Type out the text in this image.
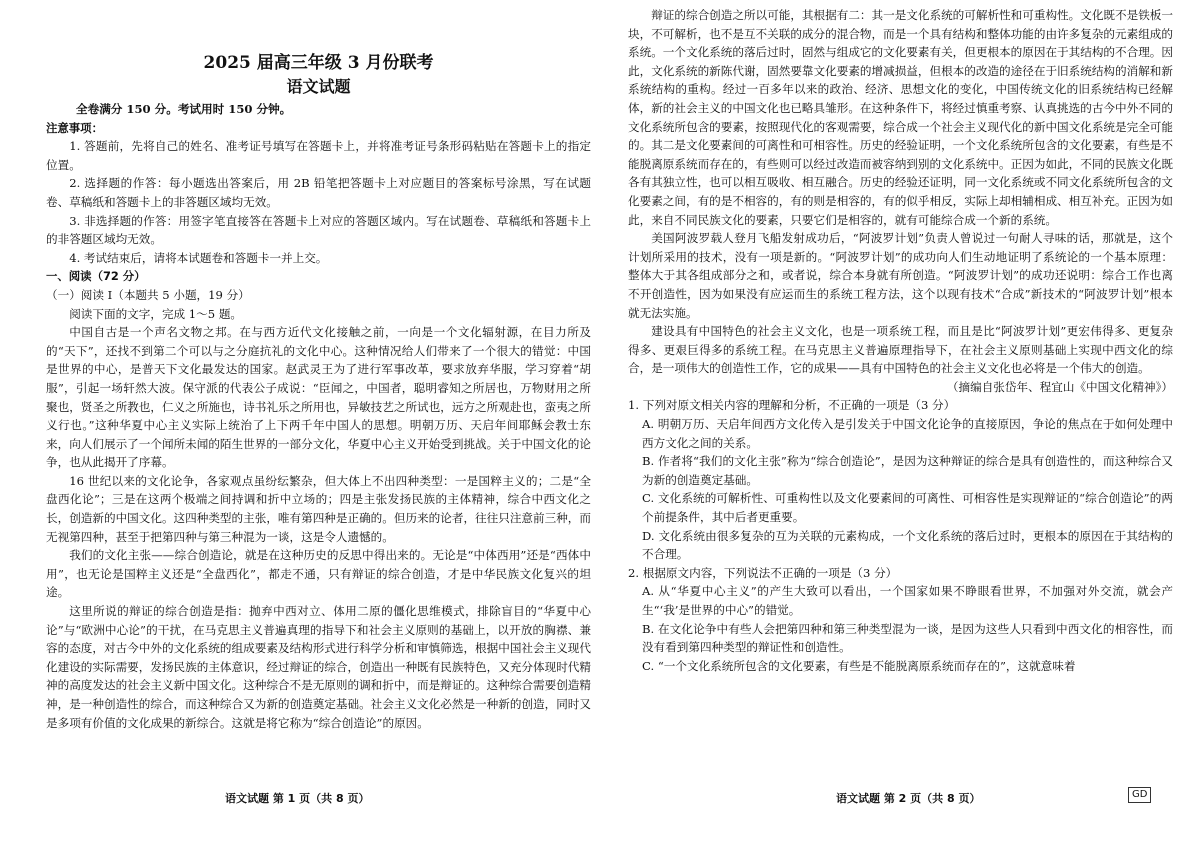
2025 届高三年级 3 月份联考
语文试题
全卷满分 150 分。考试用时 150 分钟。
注意事项：

1. 答题前，先将自己的姓名、准考证号填写在答题卡上，并将准考证号条形码粘贴在答题卡上的指定位置。

2. 选择题的作答：每小题选出答案后，用 2B 铅笔把答题卡上对应题目的答案标号涂黑，写在试题卷、草稿纸和答题卡上的非答题区域均无效。

3. 非选择题的作答：用签字笔直接答在答题卡上对应的答题区域内。写在试题卷、草稿纸和答题卡上的非答题区域均无效。

4. 考试结束后，请将本试题卷和答题卡一并上交。

一、阅读（72 分）
（一）阅读 Ⅰ（本题共 5 小题，19 分）

阅读下面的文字，完成 1～5 题。

中国自古是一个声名文物之邦。在与西方近代文化接触之前，一向是一个文化辐射源，在目力所及的“天下”，还找不到第二个可以与之分庭抗礼的文化中心。这种情况给人们带来了一个很大的错觉：中国是世界的中心，是普天下文化最发达的国家。赵武灵王为了进行军事改革，要求放弃华服，学习穿着“胡服”，引起一场轩然大波。保守派的代表公子成说：“臣闻之，中国者，聪明睿知之所居也，万物财用之所聚也，贤圣之所教也，仁义之所施也，诗书礼乐之所用也，异敏技艺之所试也，远方之所观赴也，蛮夷之所义行也。”这种华夏中心主义实际上统治了上下两千年中国人的思想。明朝万历、天启年间耶稣会教士东来，向人们展示了一个闻所未闻的陌生世界的一部分文化，华夏中心主义开始受到挑战。关于中国文化的论争，也从此揭开了序幕。

16 世纪以来的文化论争，各家观点虽纷纭繁杂，但大体上不出四种类型：一是国粹主义的；二是“全盘西化论”；三是在这两个极端之间持调和折中立场的；四是主张发扬民族的主体精神，综合中西文化之长，创造新的中国文化。这四种类型的主张，唯有第四种是正确的。但历来的论者，往往只注意前三种，而无视第四种，甚至于把第四种与第三种混为一谈，这是令人遗憾的。

我们的文化主张——综合创造论，就是在这种历史的反思中得出来的。无论是“中体西用”还是“西体中用”，也无论是国粹主义还是“全盘西化”，都走不通，只有辩证的综合创造，才是中华民族文化复兴的坦途。

这里所说的辩证的综合创造是指：抛弃中西对立、体用二原的僵化思维模式，排除盲目的“华夏中心论”与“欧洲中心论”的干扰，在马克思主义普遍真理的指导下和社会主义原则的基础上，以开放的胸襟、兼容的态度，对古今中外的文化系统的组成要素及结构形式进行科学分析和审慎筛选，根据中国社会主义现代化建设的实际需要，发扬民族的主体意识，经过辩证的综合，创造出一种既有民族特色，又充分体现时代精神的高度发达的社会主义新中国文化。这种综合不是无原则的调和折中，而是辩证的。这种综合需要创造精神，是一种创造性的综合，而这种综合又为新的创造奠定基础。社会主义文化必然是一种新的创造，同时又是多项有价值的文化成果的新综合。这就是将它称为“综合创造论”的原因。

辩证的综合创造之所以可能，其根据有二：其一是文化系统的可解析性和可重构性。文化既不是铁板一块，不可解析，也不是互不关联的成分的混合物，而是一个具有结构和整体功能的由许多复杂的元素组成的系统。一个文化系统的落后过时，固然与组成它的文化要素有关，但更根本的原因在于其结构的不合理。因此，文化系统的新陈代谢，固然要靠文化要素的增减损益，但根本的改造的途径在于旧系统结构的消解和新系统结构的重构。经过一百多年以来的政治、经济、思想文化的变化，中国传统文化的旧系统结构已经解体，新的社会主义的中国文化也已略具雏形。在这种条件下，将经过慎重考察、认真挑选的古今中外不同的文化系统所包含的要素，按照现代化的客观需要，综合成一个社会主义现代化的新中国文化系统是完全可能的。其二是文化要素间的可离性和可相容性。历史的经验证明，一个文化系统所包含的文化要素，有些是不能脱离原系统而存在的，有些则可以经过改造而被容纳到别的文化系统中。正因为如此，不同的民族文化既各有其独立性，也可以相互吸收、相互融合。历史的经验还证明，同一文化系统或不同文化系统所包含的文化要素之间，有的是不相容的，有的则是相容的，有的似乎相反，实际上却相辅相成、相互补充。正因为如此，来自不同民族文化的要素，只要它们是相容的，就有可能综合成一个新的系统。

美国阿波罗载人登月飞船发射成功后，“阿波罗计划”负责人曾说过一句耐人寻味的话，那就是，这个计划所采用的技术，没有一项是新的。“阿波罗计划”的成功向人们生动地证明了系统论的一个基本原理：整体大于其各组成部分之和，或者说，综合本身就有所创造。“阿波罗计划”的成功还说明：综合工作也离不开创造性，因为如果没有应运而生的系统工程方法，这个以现有技术“合成”新技术的“阿波罗计划”根本就无法实施。

建设具有中国特色的社会主义文化，也是一项系统工程，而且是比“阿波罗计划”更宏伟得多、更复杂得多、更艰巨得多的系统工程。在马克思主义普遍原理指导下，在社会主义原则基础上实现中西文化的综合，是一项伟大的创造性工作，它的成果——具有中国特色的社会主义文化也必将是一个伟大的创造。

（摘编自张岱年、程宜山《中国文化精神》）

1. 下列对原文相关内容的理解和分析，不正确的一项是（3 分）
A. 明朝万历、天启年间西方文化传入是引发关于中国文化论争的直接原因，争论的焦点在于如何处理中西方文化之间的关系。
B. 作者将“我们的文化主张”称为“综合创造论”，是因为这种辩证的综合是具有创造性的，而这种综合又为新的创造奠定基础。
C. 文化系统的可解析性、可重构性以及文化要素间的可离性、可相容性是实现辩证的“综合创造论”的两个前提条件，其中后者更重要。
D. 文化系统由很多复杂的互为关联的元素构成，一个文化系统的落后过时，更根本的原因在于其结构的不合理。
2. 根据原文内容，下列说法不正确的一项是（3 分）
A. 从“华夏中心主义”的产生大致可以看出，一个国家如果不睁眼看世界，不加强对外交流，就会产生“‘我’是世界的中心”的错觉。
B. 在文化论争中有些人会把第四种和第三种类型混为一谈，是因为这些人只看到中西文化的相容性，而没有看到第四种类型的辩证性和创造性。
C. “一个文化系统所包含的文化要素，有些是不能脱离原系统而存在的”，这就意味着
语文试题 第 1 页（共 8 页）	语文试题 第 2 页（共 8 页）	GD
